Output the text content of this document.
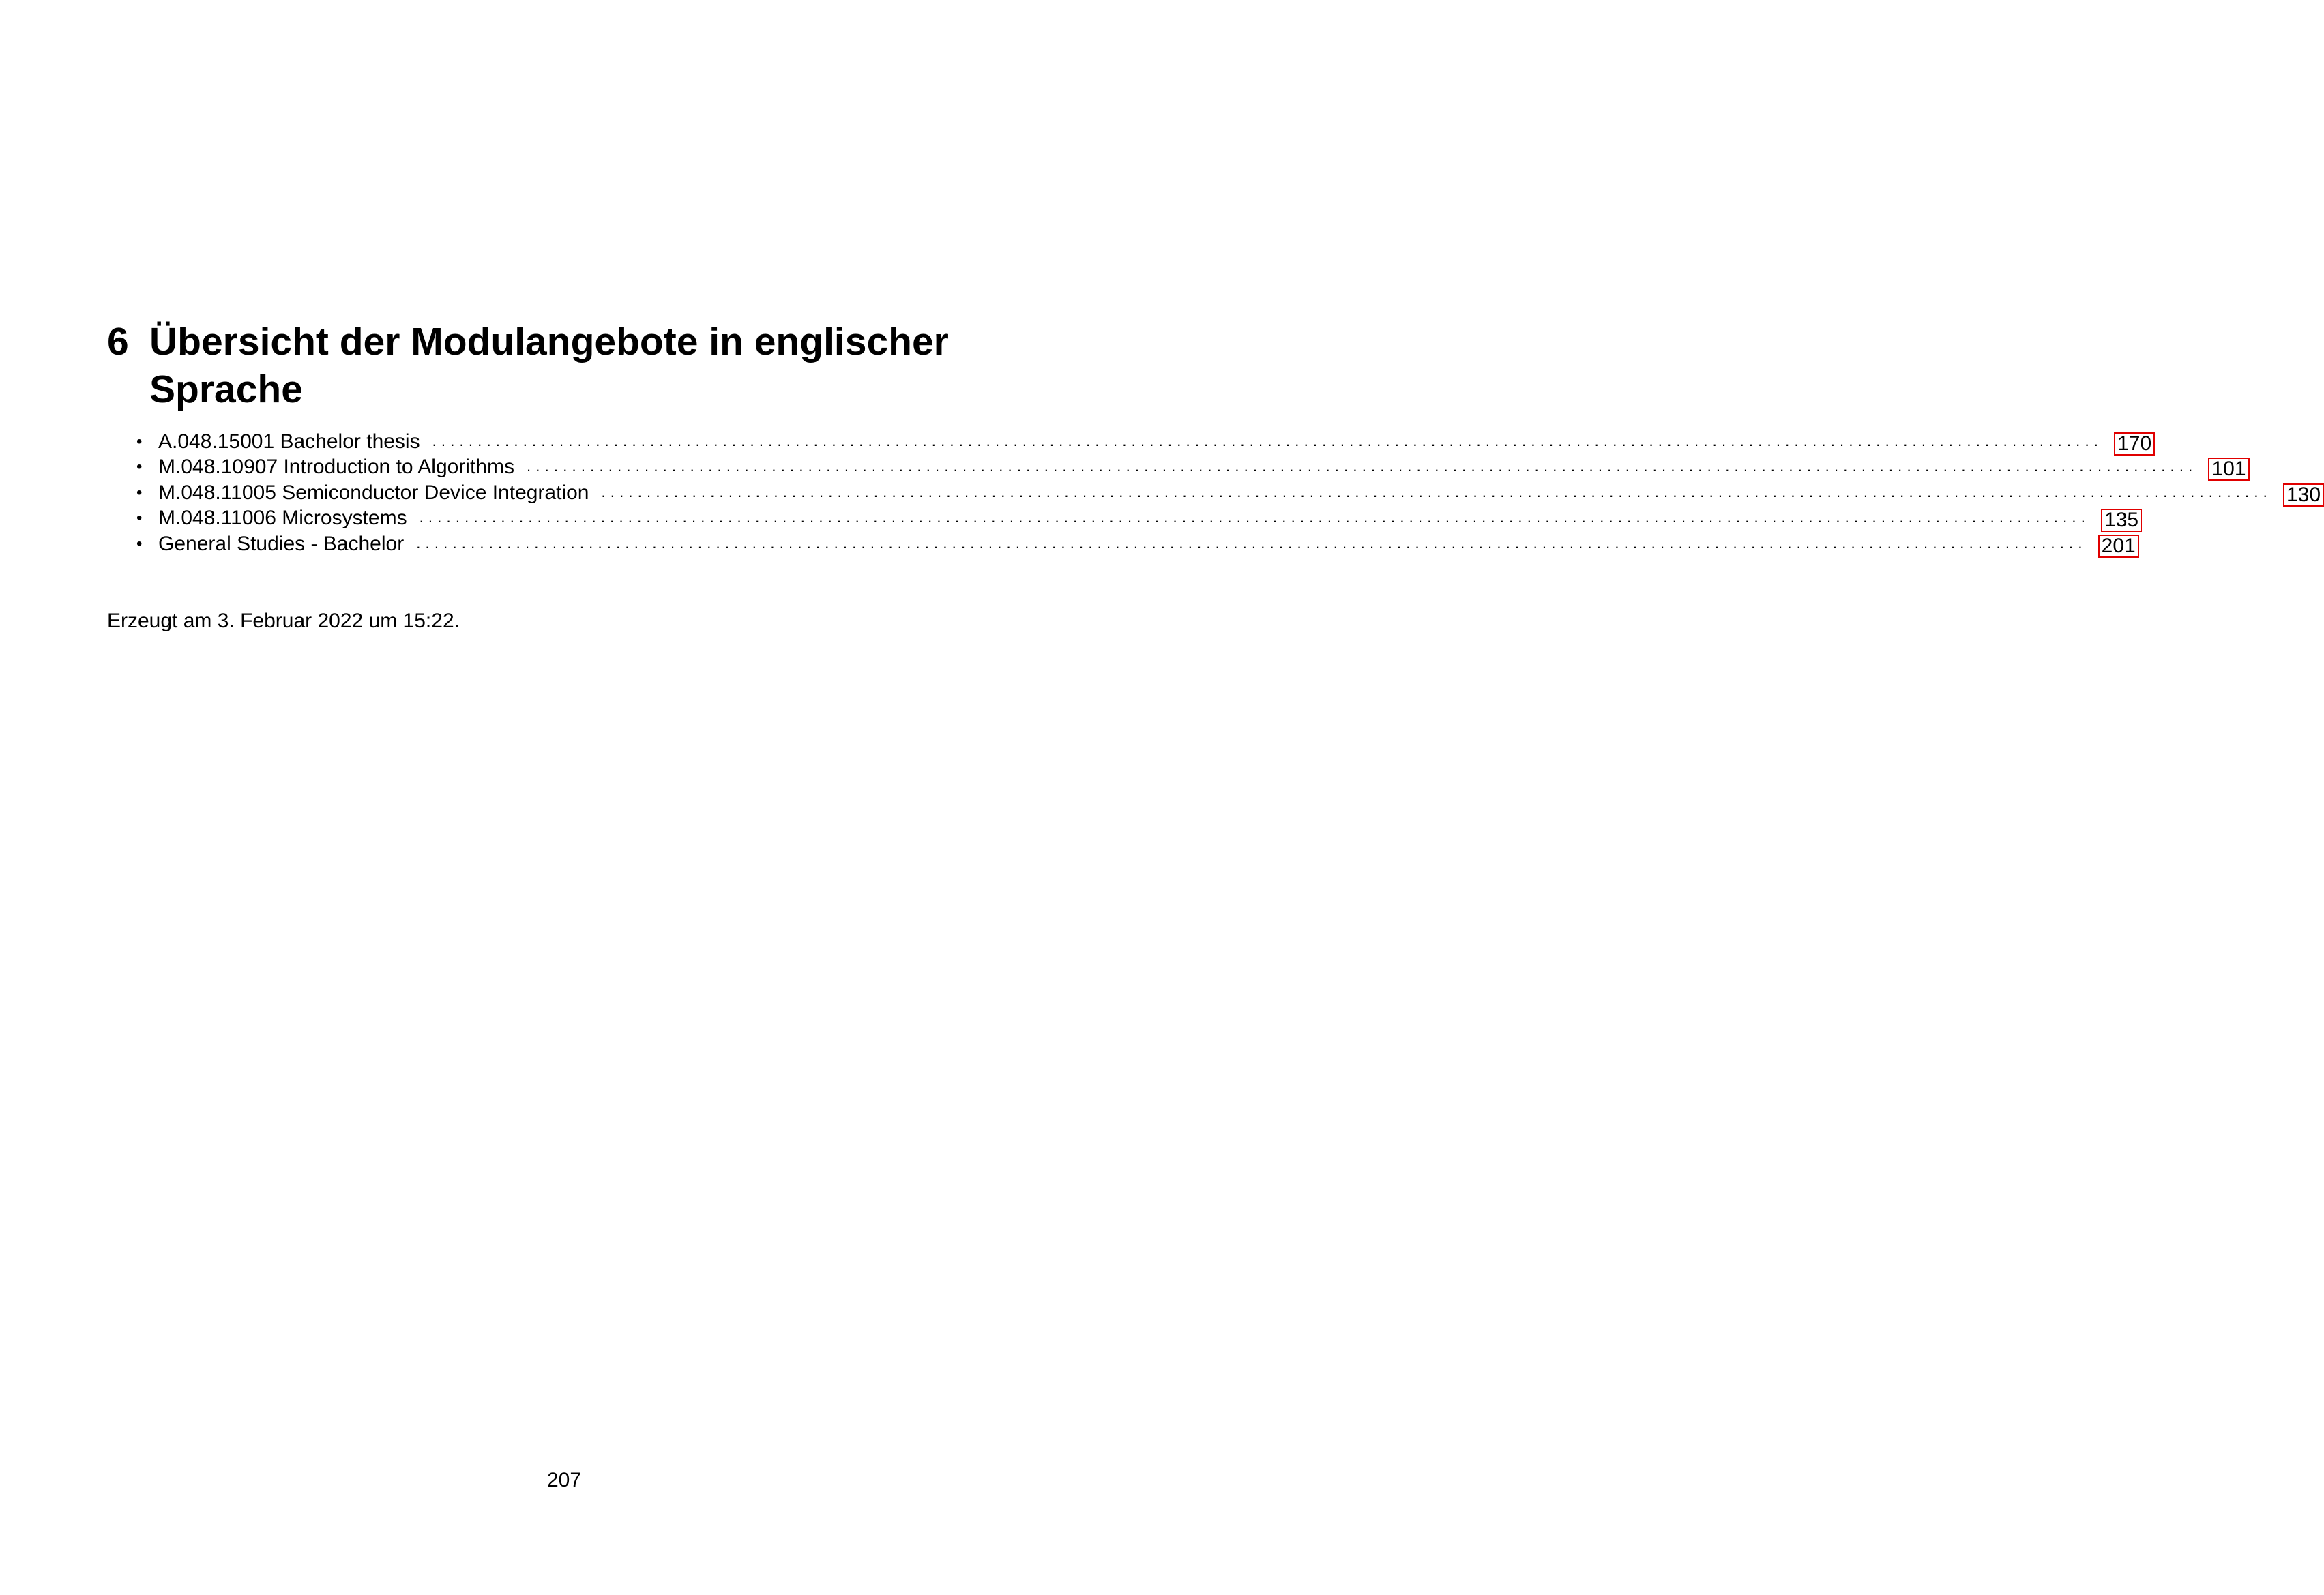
6 Übersicht der Modulangebote in englischer Sprache
• A.048.15001 Bachelor thesis ........................................................................................................................................................................................ 170
• M.048.10907 Introduction to Algorithms ........................................................................................................................................................................................ 101
• M.048.11005 Semiconductor Device Integration ........................................................................................................................................................................................ 130
• M.048.11006 Microsystems ........................................................................................................................................................................................ 135
• General Studies - Bachelor ........................................................................................................................................................................................ 201

Erzeugt am 3. Februar 2022 um 15:22.

207
